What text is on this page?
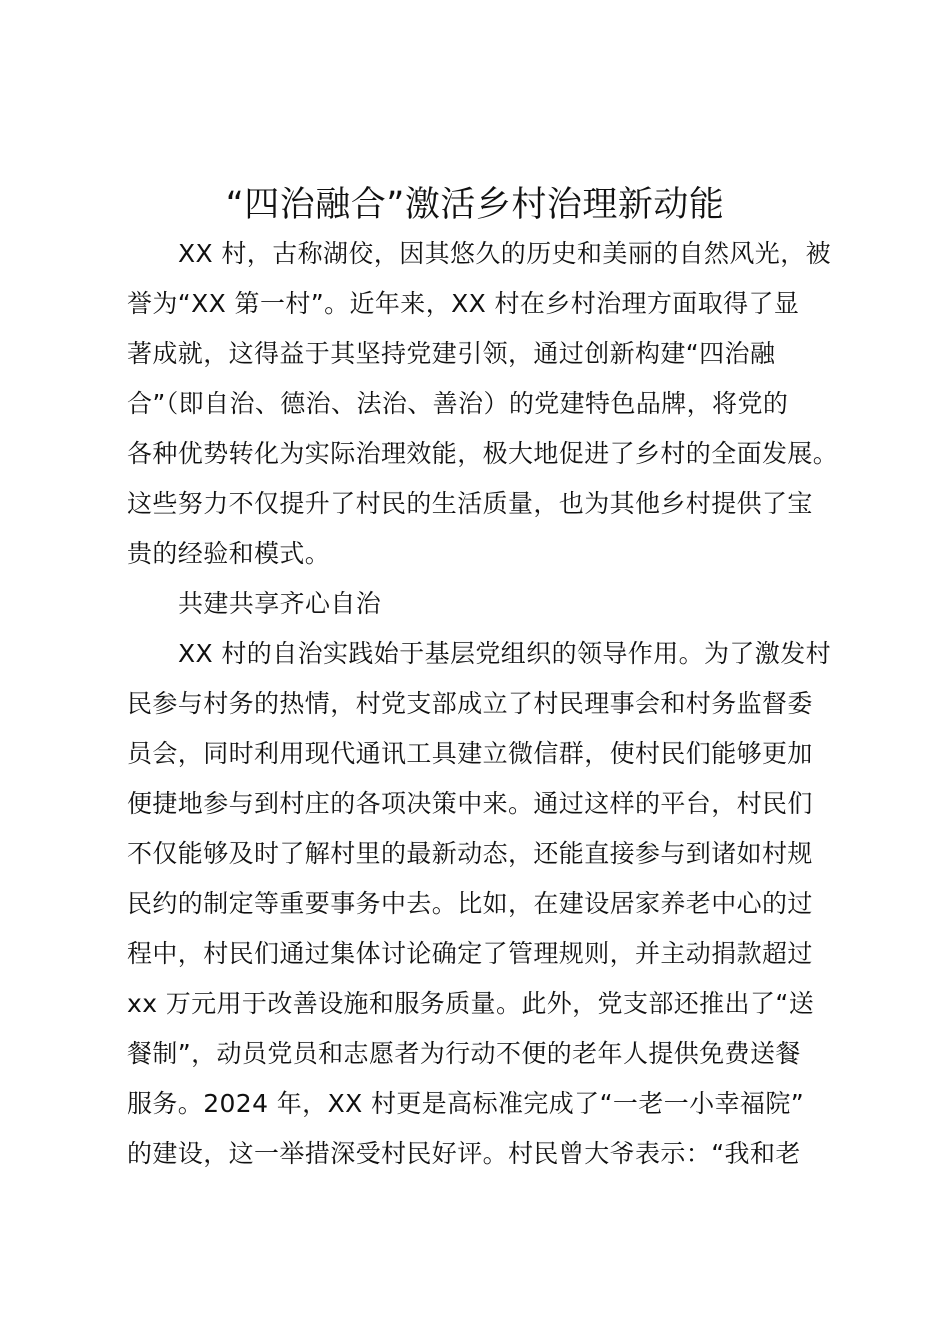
“四治融合”激活乡村治理新动能
XX 村，古称湖佼，因其悠久的历史和美丽的自然风光，被
誉为“XX 第一村”。近年来，XX 村在乡村治理方面取得了显
著成就，这得益于其坚持党建引领，通过创新构建“四治融
合”（即自治、德治、法治、善治）的党建特色品牌，将党的
各种优势转化为实际治理效能，极大地促进了乡村的全面发展。
这些努力不仅提升了村民的生活质量，也为其他乡村提供了宝
贵的经验和模式。
共建共享齐心自治
XX 村的自治实践始于基层党组织的领导作用。为了激发村
民参与村务的热情，村党支部成立了村民理事会和村务监督委
员会，同时利用现代通讯工具建立微信群，使村民们能够更加
便捷地参与到村庄的各项决策中来。通过这样的平台，村民们
不仅能够及时了解村里的最新动态，还能直接参与到诸如村规
民约的制定等重要事务中去。比如，在建设居家养老中心的过
程中，村民们通过集体讨论确定了管理规则，并主动捐款超过
xx 万元用于改善设施和服务质量。此外，党支部还推出了“送
餐制”，动员党员和志愿者为行动不便的老年人提供免费送餐
服务。2024 年，XX 村更是高标准完成了“一老一小幸福院”
的建设，这一举措深受村民好评。村民曾大爷表示：“我和老
